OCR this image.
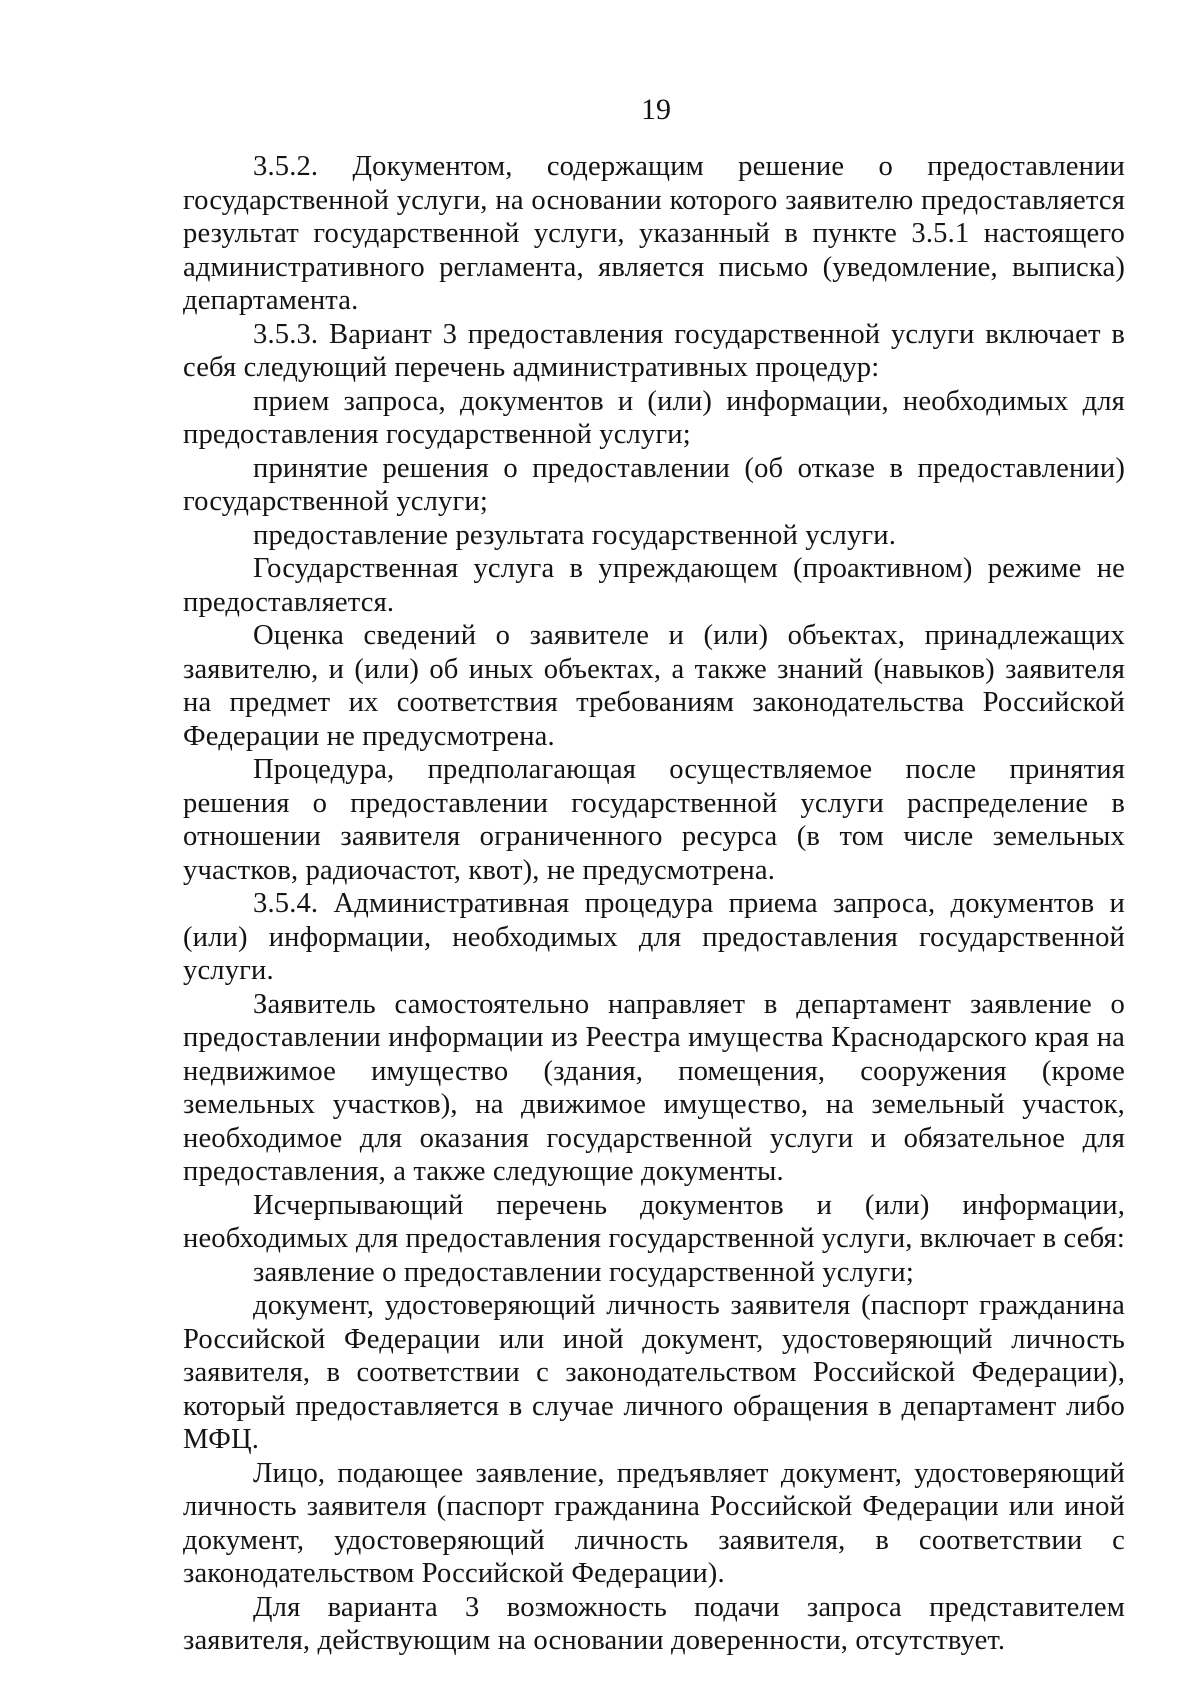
19

3.5.2. Документом, содержащим решение о предоставлении государственной услуги, на основании которого заявителю предоставляется результат государственной услуги, указанный в пункте 3.5.1 настоящего административного регламента, является письмо (уведомление, выписка) департамента.

3.5.3. Вариант 3 предоставления государственной услуги включает в себя следующий перечень административных процедур:

прием запроса, документов и (или) информации, необходимых для предоставления государственной услуги;

принятие решения о предоставлении (об отказе в предоставлении) государственной услуги;

предоставление результата государственной услуги.

Государственная услуга в упреждающем (проактивном) режиме не предоставляется.

Оценка сведений о заявителе и (или) объектах, принадлежащих заявителю, и (или) об иных объектах, а также знаний (навыков) заявителя на предмет их соответствия требованиям законодательства Российской Федерации не предусмотрена.

Процедура, предполагающая осуществляемое после принятия решения о предоставлении государственной услуги распределение в отношении заявителя ограниченного ресурса (в том числе земельных участков, радиочастот, квот), не предусмотрена.

3.5.4. Административная процедура приема запроса, документов и (или) информации, необходимых для предоставления государственной услуги.

Заявитель самостоятельно направляет в департамент заявление о предоставлении информации из Реестра имущества Краснодарского края на недвижимое имущество (здания, помещения, сооружения (кроме земельных участков), на движимое имущество, на земельный участок, необходимое для оказания государственной услуги и обязательное для предоставления, а также следующие документы.

Исчерпывающий перечень документов и (или) информации, необходимых для предоставления государственной услуги, включает в себя:

заявление о предоставлении государственной услуги;

документ, удостоверяющий личность заявителя (паспорт гражданина Российской Федерации или иной документ, удостоверяющий личность заявителя, в соответствии с законодательством Российской Федерации), который предоставляется в случае личного обращения в департамент либо МФЦ.

Лицо, подающее заявление, предъявляет документ, удостоверяющий личность заявителя (паспорт гражданина Российской Федерации или иной документ, удостоверяющий личность заявителя, в соответствии с законодательством Российской Федерации).

Для варианта 3 возможность подачи запроса представителем заявителя, действующим на основании доверенности, отсутствует.
